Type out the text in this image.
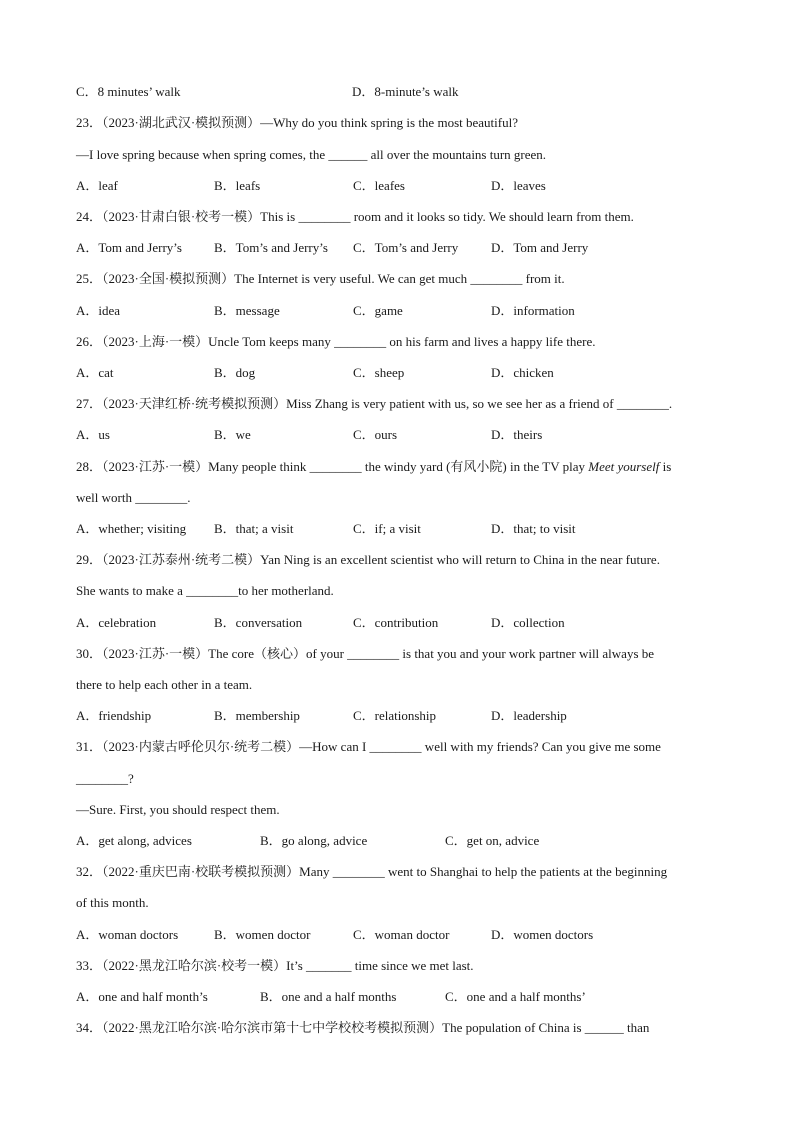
C．8 minutes’ walk	D．8-minute’s walk
23．（2023·湖北武汉·模拟预测）—Why do you think spring is the most beautiful?
—I love spring because when spring comes, the ______ all over the mountains turn green.
A．leaf	B．leafs	C．leafes	D．leaves
24．（2023·甘肃白银·校考一模）This is ________ room and it looks so tidy. We should learn from them.
A．Tom and Jerry’s B．Tom’s and Jerry’s C．Tom’s and Jerry	D．Tom and Jerry
25．（2023·全国·模拟预测）The Internet is very useful. We can get much ________ from it.
A．idea	B．message	C．game	D．information
26．（2023·上海·一模）Uncle Tom keeps many ________ on his farm and lives a happy life there.
A．cat	B．dog	C．sheep	D．chicken
27．（2023·天津红桥·统考模拟预测）Miss Zhang is very patient with us, so we see her as a friend of ________.
A．us	B．we	C．ours	D．theirs
28．（2023·江苏·一模）Many people think ________ the windy yard (有风小院) in the TV play Meet yourself is
well worth ________.
A．whether; visiting B．that; a visit	C．if; a visit	D．that; to visit
29．（2023·江苏泰州·统考二模）Yan Ning is an excellent scientist who will return to China in the near future.
She wants to make a ________to her motherland.
A．celebration	B．conversation	C．contribution	D．collection
30．（2023·江苏·一模）The core（核心）of your ________ is that you and your work partner will always be
there to help each other in a team.
A．friendship	B．membership	C．relationship	D．leadership
31．（2023·内蒙古呼伦贝尔·统考二模）—How can I ________ well with my friends? Can you give me some
________?
—Sure. First, you should respect them.
A．get along, advices	B．go along, advice	C．get on, advice
32．（2022·重庆巴南·校联考模拟预测）Many ________ went to Shanghai to help the patients at the beginning
of this month.
A．woman doctors	B．women doctor	C．woman doctor	D．women doctors
33．（2022·黑龙江哈尔滨·校考一模）It’s _______ time since we met last.
A．one and half month’s	B．one and a half months	C．one and a half months’
34．（2022·黑龙江哈尔滨·哈尔滨市第十七中学校校考模拟预测）The population of China is ______ than
